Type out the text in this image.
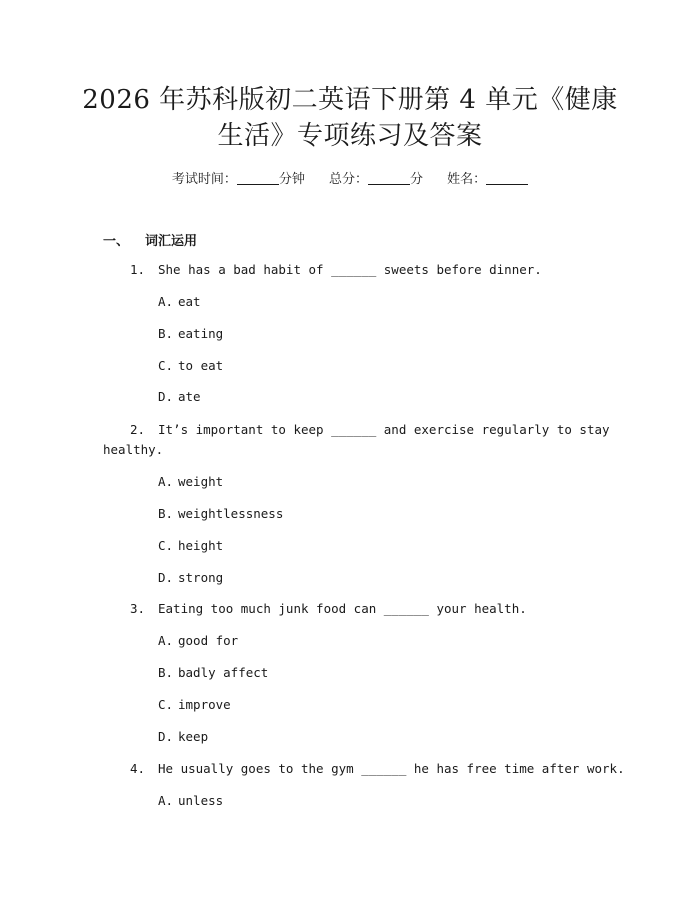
2026 年苏科版初二英语下册第 4 单元《健康
生活》专项练习及答案
考试时间：	分钟 总分：	分 姓名：
一、 词汇运用
1. She has a bad habit of ______ sweets before dinner.
A. eat
B. eating
C. to eat
D. ate
2. It’s important to keep ______ and exercise regularly to stay
healthy.
A. weight
B. weightlessness
C. height
D. strong
3. Eating too much junk food can ______ your health.
A. good for
B. badly affect
C. improve
D. keep
4. He usually goes to the gym ______ he has free time after work.
A. unless
